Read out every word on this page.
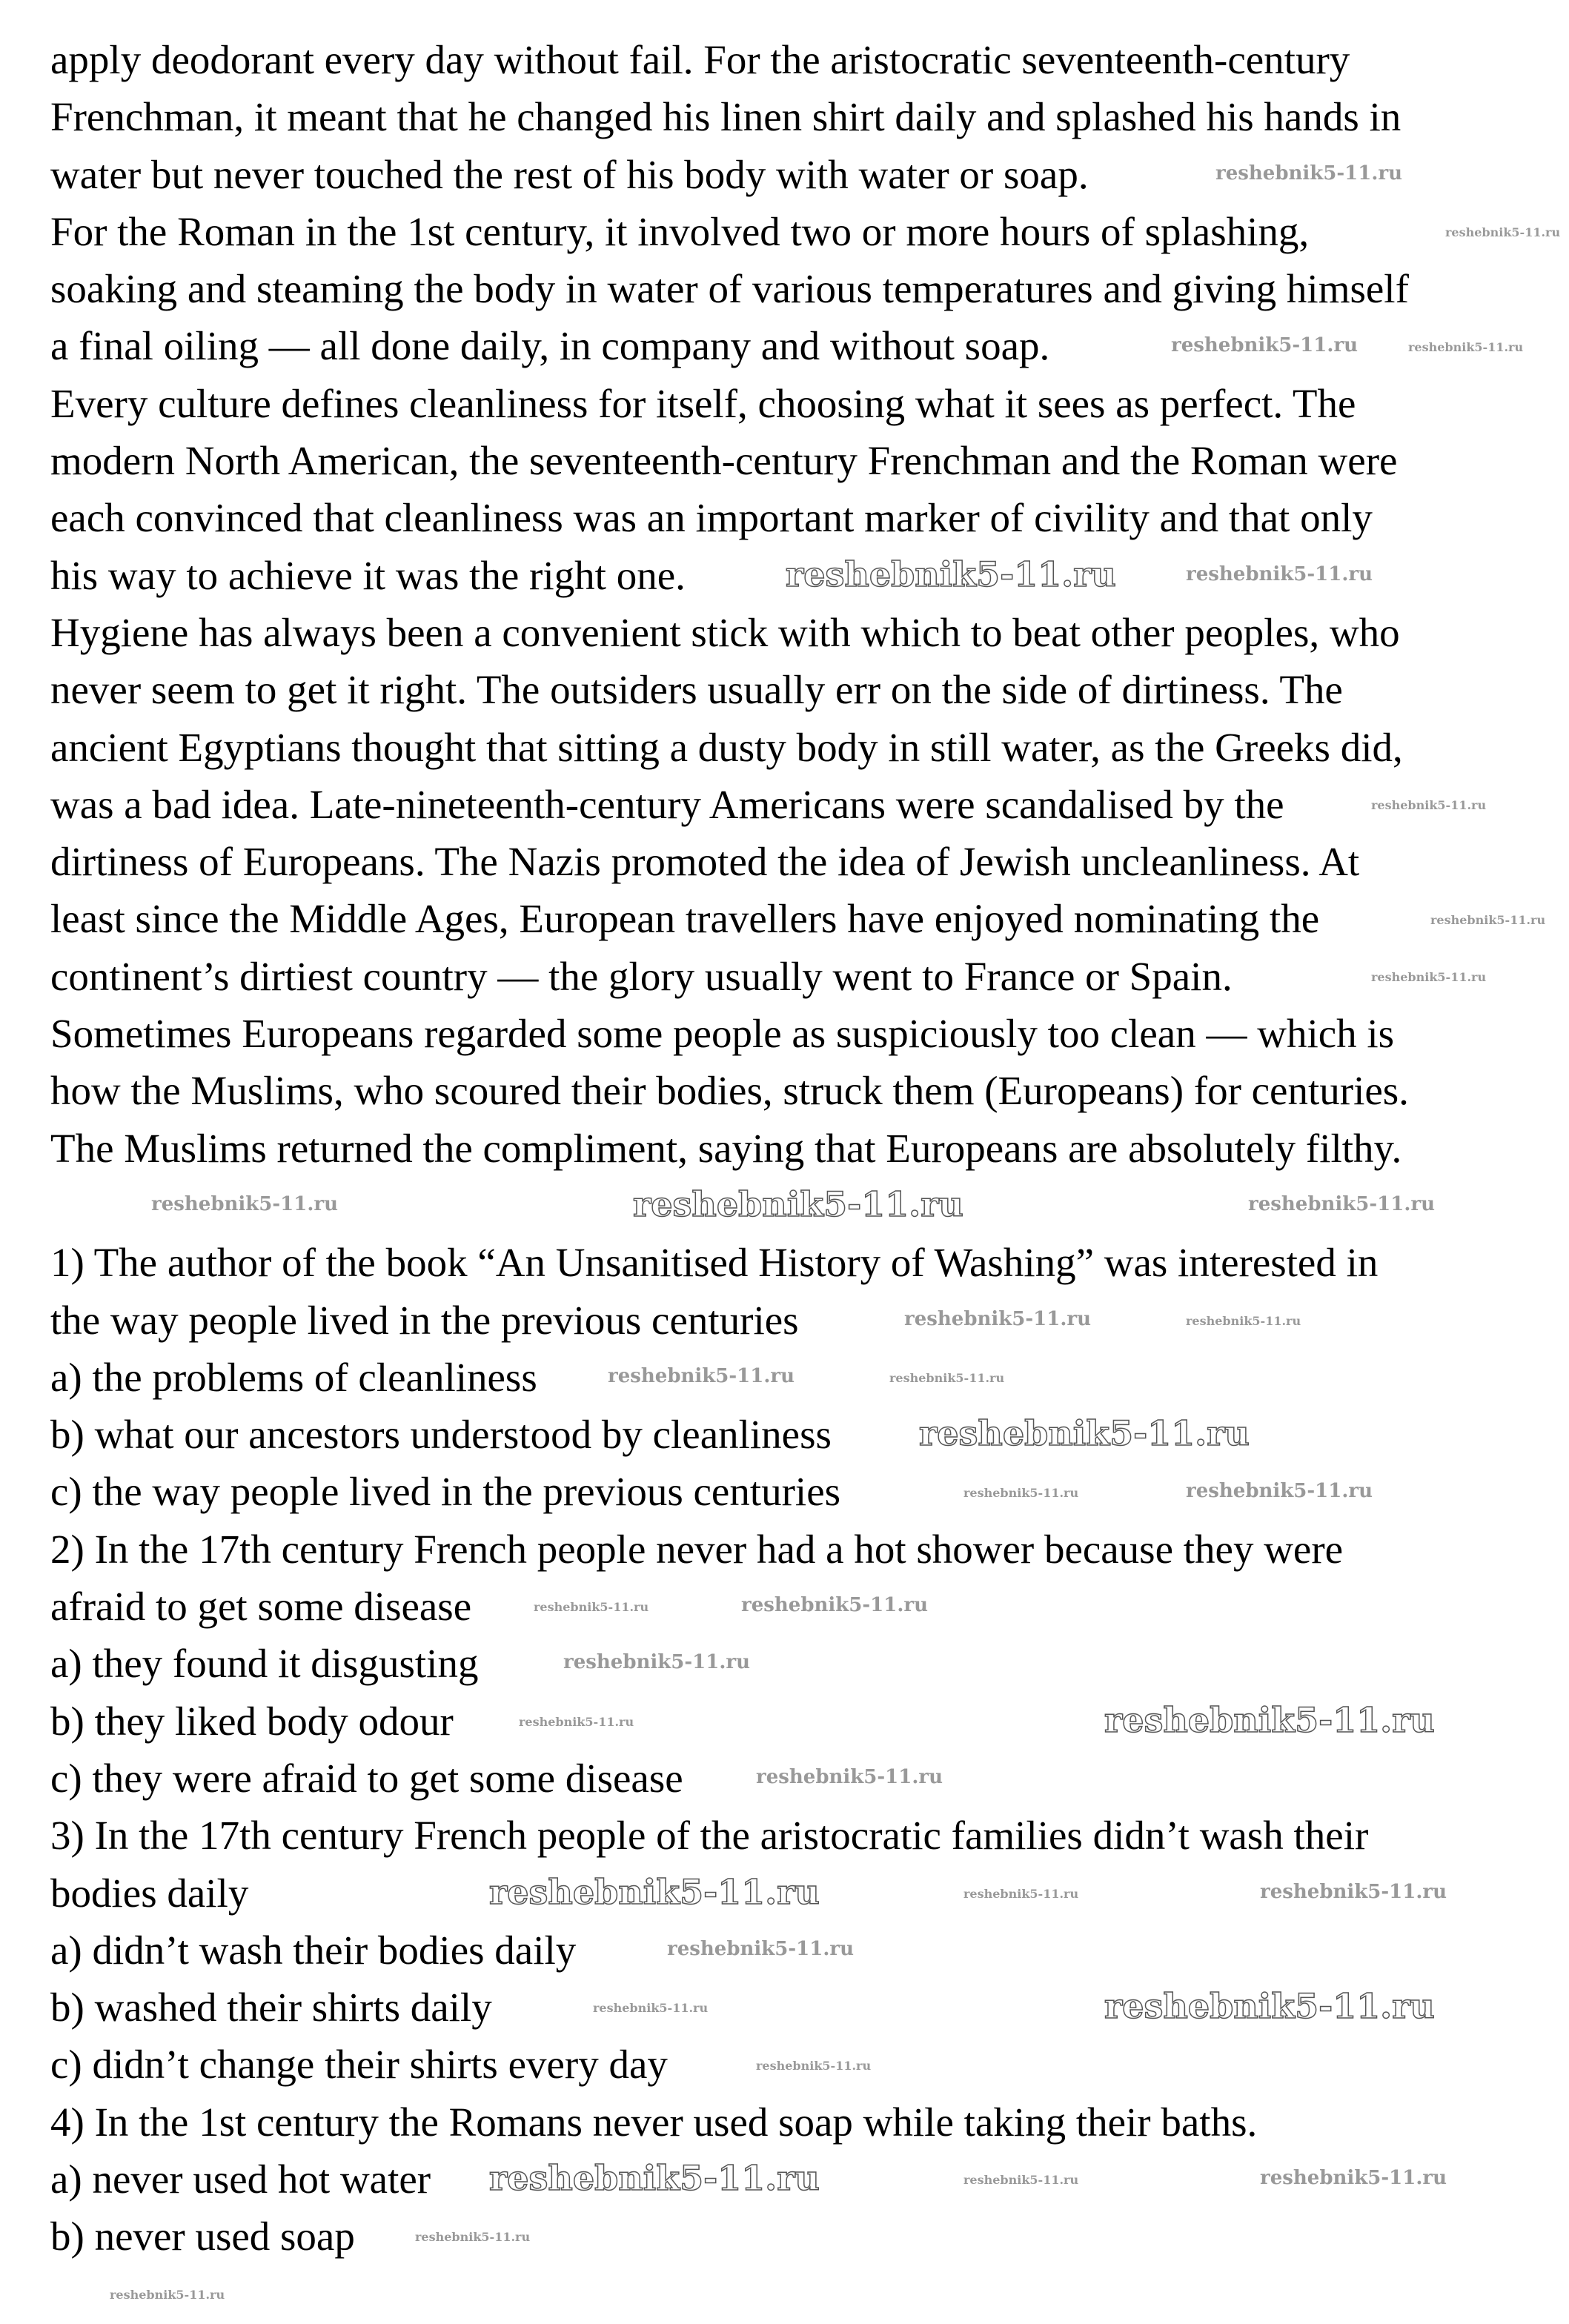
apply deodorant every day without fail. For the aristocratic seventeenth-century
Frenchman, it meant that he changed his linen shirt daily and splashed his hands in
water but never touched the rest of his body with water or soap.
For the Roman in the 1st century, it involved two or more hours of splashing,
soaking and steaming the body in water of various temperatures and giving himself
a final oiling — all done daily, in company and without soap.
Every culture defines cleanliness for itself, choosing what it sees as perfect. The
modern North American, the seventeenth-century Frenchman and the Roman were
each convinced that cleanliness was an important marker of civility and that only
his way to achieve it was the right one.
Hygiene has always been a convenient stick with which to beat other peoples, who
never seem to get it right. The outsiders usually err on the side of dirtiness. The
ancient Egyptians thought that sitting a dusty body in still water, as the Greeks did,
was a bad idea. Late-nineteenth-century Americans were scandalised by the
dirtiness of Europeans. The Nazis promoted the idea of Jewish uncleanliness. At
least since the Middle Ages, European travellers have enjoyed nominating the
continent’s dirtiest country — the glory usually went to France or Spain.
Sometimes Europeans regarded some people as suspiciously too clean — which is
how the Muslims, who scoured their bodies, struck them (Europeans) for centuries.
The Muslims returned the compliment, saying that Europeans are absolutely filthy.
1) The author of the book “An Unsanitised History of Washing” was interested in
the way people lived in the previous centuries
a) the problems of cleanliness
b) what our ancestors understood by cleanliness
c) the way people lived in the previous centuries
2) In the 17th century French people never had a hot shower because they were
afraid to get some disease
a) they found it disgusting
b) they liked body odour
c) they were afraid to get some disease
3) In the 17th century French people of the aristocratic families didn’t wash their
bodies daily
a) didn’t wash their bodies daily
b) washed their shirts daily
c) didn’t change their shirts every day
4) In the 1st century the Romans never used soap while taking their baths.
a) never used hot water
b) never used soap
reshebnik5-11.ru
reshebnik5-11.ru
reshebnik5-11.ru	reshebnik5-11.ru
reshebnik5-11.ru	reshebnik5-11.ru
reshebnik5-11.ru
reshebnik5-11.ru
reshebnik5-11.ru
reshebnik5-11.ru	reshebnik5-11.ru	reshebnik5-11.ru
reshebnik5-11.ru	reshebnik5-11.ru
reshebnik5-11.ru	reshebnik5-11.ru
reshebnik5-11.ru
reshebnik5-11.ru	reshebnik5-11.ru
reshebnik5-11.ru	reshebnik5-11.ru
reshebnik5-11.ru
reshebnik5-11.ru	reshebnik5-11.ru
reshebnik5-11.ru
reshebnik5-11.ru	reshebnik5-11.ru	reshebnik5-11.ru
reshebnik5-11.ru
reshebnik5-11.ru	reshebnik5-11.ru
reshebnik5-11.ru
reshebnik5-11.ru	reshebnik5-11.ru	reshebnik5-11.ru
reshebnik5-11.ru
reshebnik5-11.ru
